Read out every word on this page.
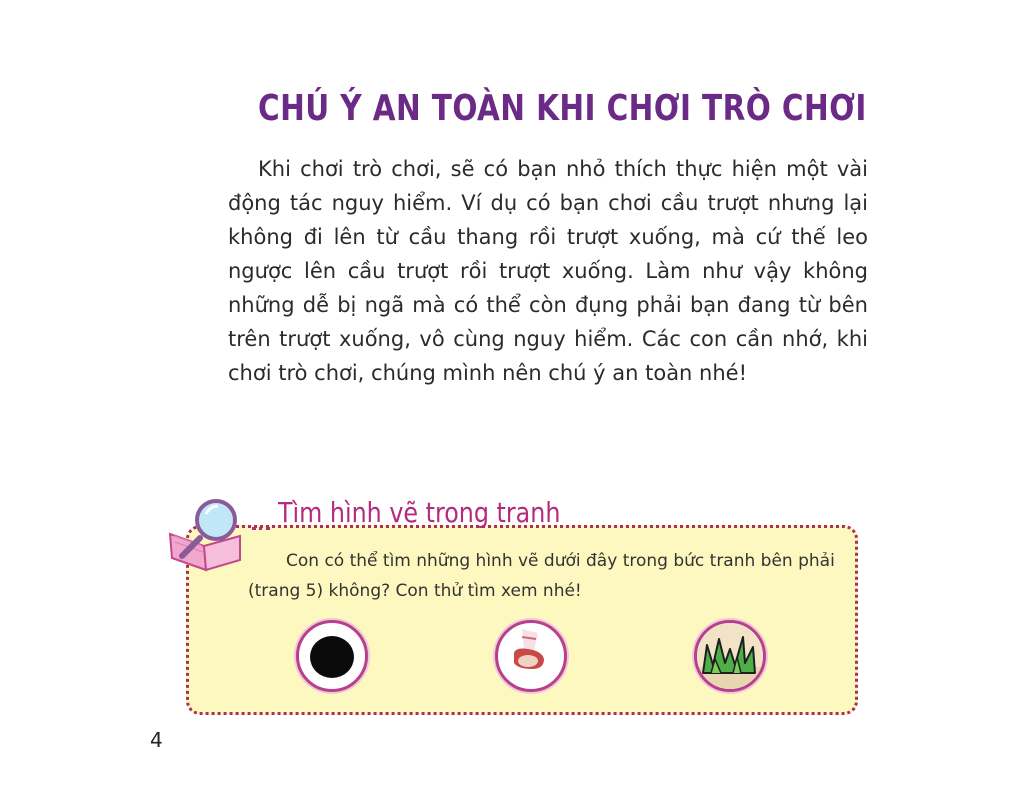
CHÚ Ý AN TOÀN KHI CHƠI TRÒ CHƠI

Khi chơi trò chơi, sẽ có bạn nhỏ thích thực hiện một vài động tác nguy hiểm. Ví dụ có bạn chơi cầu trượt nhưng lại không đi lên từ cầu thang rồi trượt xuống, mà cứ thế leo ngược lên cầu trượt rồi trượt xuống. Làm như vậy không những dễ bị ngã mà có thể còn đụng phải bạn đang từ bên trên trượt xuống, vô cùng nguy hiểm. Các con cần nhớ, khi chơi trò chơi, chúng mình nên chú ý an toàn nhé!

Tìm hình vẽ trong tranh

Con có thể tìm những hình vẽ dưới đây trong bức tranh bên phải (trang 5) không? Con thử tìm xem nhé!

4
